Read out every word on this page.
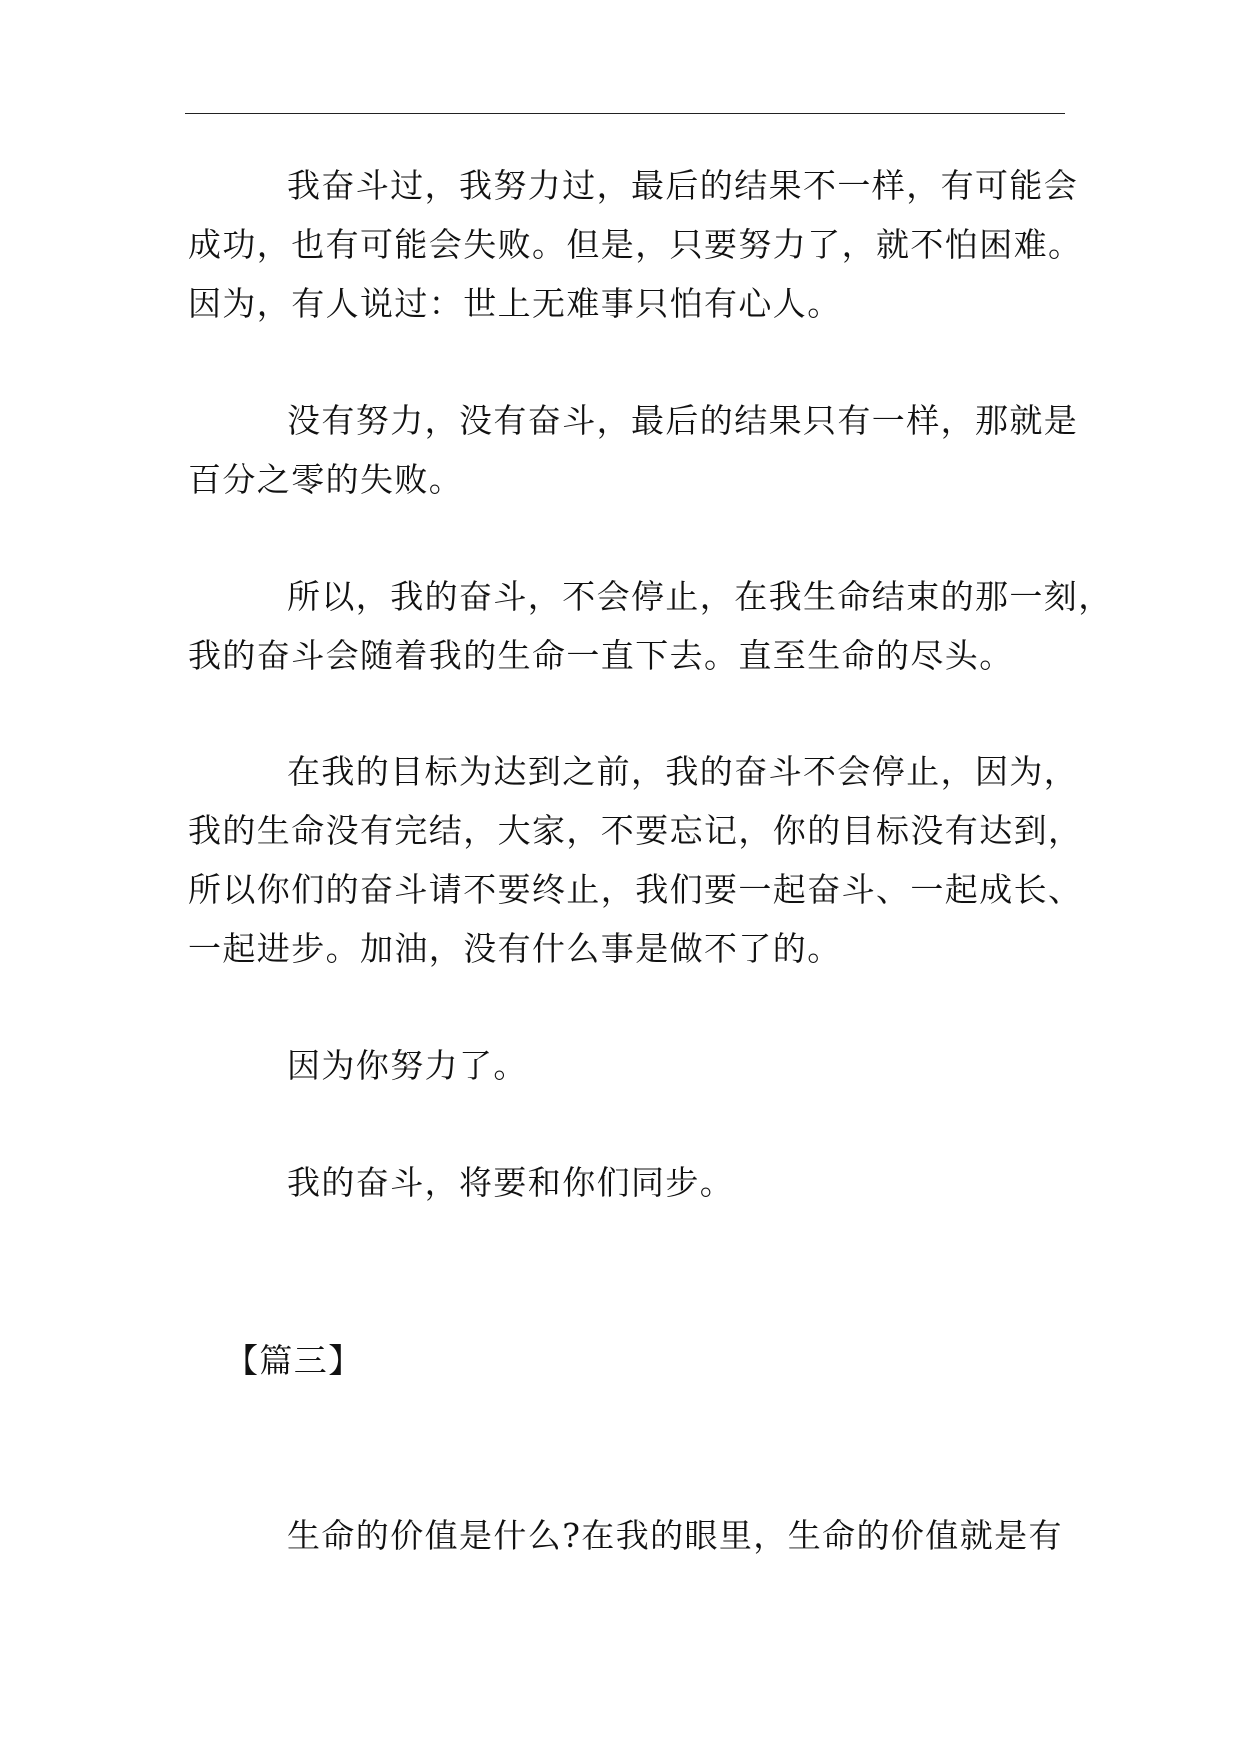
我奋斗过，我努力过，最后的结果不一样，有可能会
成功，也有可能会失败。但是，只要努力了，就不怕困难。
因为，有人说过：世上无难事只怕有心人。
没有努力，没有奋斗，最后的结果只有一样，那就是
百分之零的失败。
所以，我的奋斗，不会停止，在我生命结束的那一刻，
我的奋斗会随着我的生命一直下去。直至生命的尽头。
在我的目标为达到之前，我的奋斗不会停止，因为，
我的生命没有完结，大家，不要忘记，你的目标没有达到，
所以你们的奋斗请不要终止，我们要一起奋斗、一起成长、
一起进步。加油，没有什么事是做不了的。
因为你努力了。
我的奋斗，将要和你们同步。
【篇三】
生命的价值是什么?在我的眼里，生命的价值就是有
